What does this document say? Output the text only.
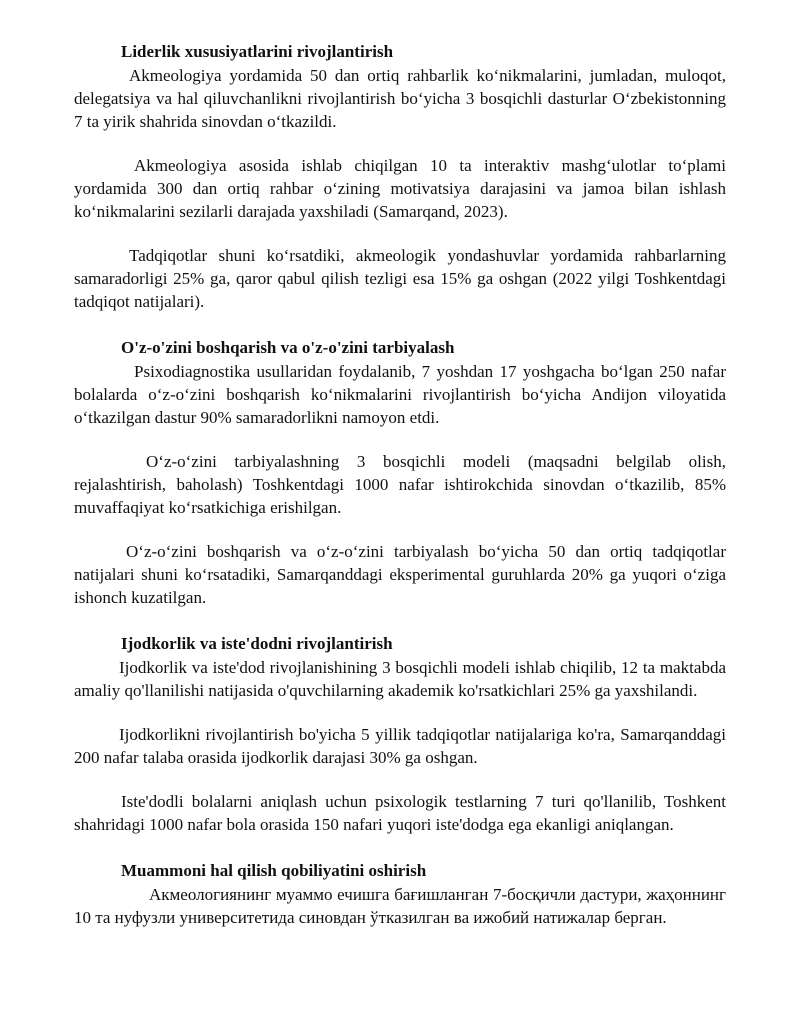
Liderlik xususiyatlarini rivojlantirish

Akmeologiya yordamida 50 dan ortiq rahbarlik koʻnikmalarini, jumladan, muloqot, delegatsiya va hal qiluvchanlikni rivojlantirish boʻyicha 3 bosqichli dasturlar Oʻzbekistonning 7 ta yirik shahrida sinovdan oʻtkazildi.

Akmeologiya asosida ishlab chiqilgan 10 ta interaktiv mashgʻulotlar toʻplami yordamida 300 dan ortiq rahbar oʻzining motivatsiya darajasini va jamoa bilan ishlash koʻnikmalarini sezilarli darajada yaxshiladi (Samarqand, 2023).

Tadqiqotlar shuni koʻrsatdiki, akmeologik yondashuvlar yordamida rahbarlarning samaradorligi 25% ga, qaror qabul qilish tezligi esa 15% ga oshgan (2022 yilgi Toshkentdagi tadqiqot natijalari).

O'z-o'zini boshqarish va o'z-o'zini tarbiyalash

Psixodiagnostika usullaridan foydalanib, 7 yoshdan 17 yoshgacha boʻlgan 250 nafar bolalarda oʻz-oʻzini boshqarish koʻnikmalarini rivojlantirish boʻyicha Andijon viloyatida oʻtkazilgan dastur 90% samaradorlikni namoyon etdi.

Oʻz-oʻzini tarbiyalashning 3 bosqichli modeli (maqsadni belgilab olish, rejalashtirish, baholash) Toshkentdagi 1000 nafar ishtirokchida sinovdan oʻtkazilib, 85% muvaffaqiyat koʻrsatkichiga erishilgan.

Oʻz-oʻzini boshqarish va oʻz-oʻzini tarbiyalash boʻyicha 50 dan ortiq tadqiqotlar natijalari shuni koʻrsatadiki, Samarqanddagi eksperimental guruhlarda 20% ga yuqori oʻziga ishonch kuzatilgan.

Ijodkorlik va iste'dodni rivojlantirish

Ijodkorlik va iste'dod rivojlanishining 3 bosqichli modeli ishlab chiqilib, 12 ta maktabda amaliy qo'llanilishi natijasida o'quvchilarning akademik ko'rsatkichlari 25% ga yaxshilandi.

Ijodkorlikni rivojlantirish bo'yicha 5 yillik tadqiqotlar natijalariga ko'ra, Samarqanddagi 200 nafar talaba orasida ijodkorlik darajasi 30% ga oshgan.

Iste'dodli bolalarni aniqlash uchun psixologik testlarning 7 turi qo'llanilib, Toshkent shahridagi 1000 nafar bola orasida 150 nafari yuqori iste'dodga ega ekanligi aniqlangan.

Muammoni hal qilish qobiliyatini oshirish

Акмеологиянинг муаммо ечишга бағишланган 7-босқичли дастури, жаҳоннинг 10 та нуфузли университетида синовдан ўтказилган ва ижобий натижалар берган.
